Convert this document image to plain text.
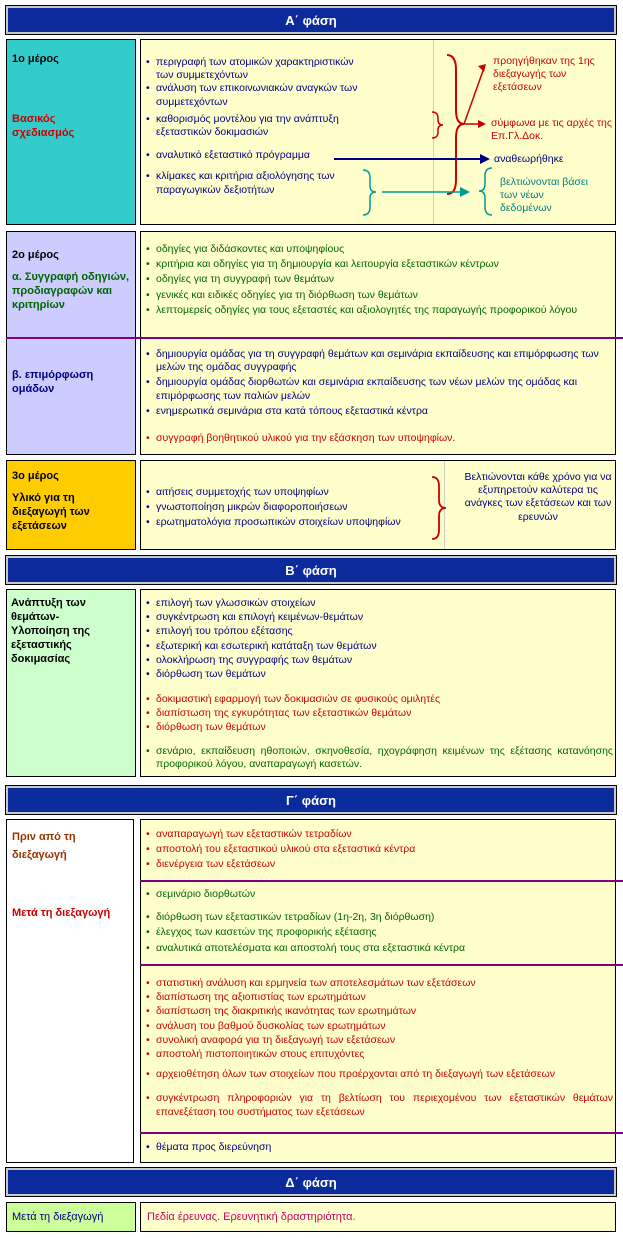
Α΄ φάση
1ο μέρος
Βασικός σχεδιασμός
• περιγραφή των ατομικών χαρακτηριστικών των συμμετεχόντων
• ανάλυση των επικοινωνιακών αναγκών των συμμετεχόντων
• καθορισμός μοντέλου για την ανάπτυξη εξεταστικών δοκιμασιών
• αναλυτικό εξεταστικό πρόγραμμα
• κλίμακες και κριτήρια αξιολόγησης των παραγωγικών δεξιοτήτων
προηγήθηκαν της 1ης διεξαγωγής των εξετάσεων
σύμφωνα με τις αρχές της Επ.Γλ.Δοκ.
αναθεωρήθηκε
βελτιώνονται βάσει των νέων δεδομένων
2ο μέρος
α. Συγγραφή οδηγιών, προδιαγραφών και κριτηρίων
β. επιμόρφωση ομάδων
• οδηγίες για διδάσκοντες και υποψηφίους
• κριτήρια και οδηγίες για τη δημιουργία και λειτουργία εξεταστικών κέντρων
• οδηγίες για τη συγγραφή των θεμάτων
• γενικές και ειδικές οδηγίες για τη διόρθωση των θεμάτων
• λεπτομερείς οδηγίες για τους εξεταστές και αξιολογητές της παραγωγής προφορικού λόγου
• δημιουργία ομάδας για τη συγγραφή θεμάτων και σεμινάρια εκπαίδευσης και επιμόρφωσης των μελών της ομάδας συγγραφής
• δημιουργία ομάδας διορθωτών και σεμινάρια εκπαίδευσης των νέων μελών της ομάδας και επιμόρφωσης των παλιών μελών
• ενημερωτικά σεμινάρια στα κατά τόπους εξεταστικά κέντρα
• συγγραφή βοηθητικού υλικού για την εξάσκηση των υποψηφίων.
3ο μέρος
Υλικό για τη διεξαγωγή των εξετάσεων
• αιτήσεις συμμετοχής των υποψηφίων
• γνωστοποίηση μικρών διαφοροποιήσεων
• ερωτηματολόγια προσωπικών στοιχείων υποψηφίων
Βελτιώνονται κάθε χρόνο για να εξυπηρετούν καλύτερα τις ανάγκες των εξετάσεων και των ερευνών
Β΄ φάση
Ανάπτυξη των θεμάτων- Υλοποίηση της εξεταστικής δοκιμασίας
• επιλογή των γλωσσικών στοιχείων
• συγκέντρωση και επιλογή κειμένων-θεμάτων
• επιλογή του τρόπου εξέτασης
• εξωτερική και εσωτερική κατάταξη των θεμάτων
• ολοκλήρωση της συγγραφής των θεμάτων
• διόρθωση των θεμάτων
• δοκιμαστική εφαρμογή των δοκιμασιών σε φυσικούς ομιλητές
• διαπίστωση της εγκυρότητας των εξεταστικών θεμάτων
• διόρθωση των θεμάτων
• σενάριο, εκπαίδευση ηθοποιών, σκηνοθεσία, ηχογράφηση κειμένων της εξέτασης κατανόησης προφορικού λόγου, αναπαραγωγή κασετών.
Γ΄ φάση
Πριν από τη διεξαγωγή
Μετά τη διεξαγωγή
• αναπαραγωγή των εξεταστικών τετραδίων
• αποστολή του εξεταστικού υλικού στα εξεταστικά κέντρα
• διενέργεια των εξετάσεων
• σεμινάριο διορθωτών
• διόρθωση των εξεταστικών τετραδίων (1η-2η, 3η διόρθωση)
• έλεγχος των κασετών της προφορικής εξέτασης
• αναλυτικά αποτελέσματα και αποστολή τους στα εξεταστικά κέντρα
• στατιστική ανάλυση και ερμηνεία των αποτελεσμάτων των εξετάσεων
• διαπίστωση της αξιοπιστίας των ερωτημάτων
• διαπίστωση της διακριτικής ικανότητας των ερωτημάτων
• ανάλυση του βαθμού δυσκολίας των ερωτημάτων
• συνολική αναφορά για τη διεξαγωγή των εξετάσεων
• αποστολή πιστοποιητικών στους επιτυχόντες
• αρχειοθέτηση όλων των στοιχείων που προέρχονται από τη διεξαγωγή των εξετάσεων
• συγκέντρωση πληροφοριών για τη βελτίωση του περιεχομένου των εξεταστικών θεμάτων επανεξέταση του συστήματος των εξετάσεων
• θέματα προς διερεύνηση
Δ΄ φάση
Μετά τη διεξαγωγή	Πεδία έρευνας. Ερευνητική δραστηριότητα.
